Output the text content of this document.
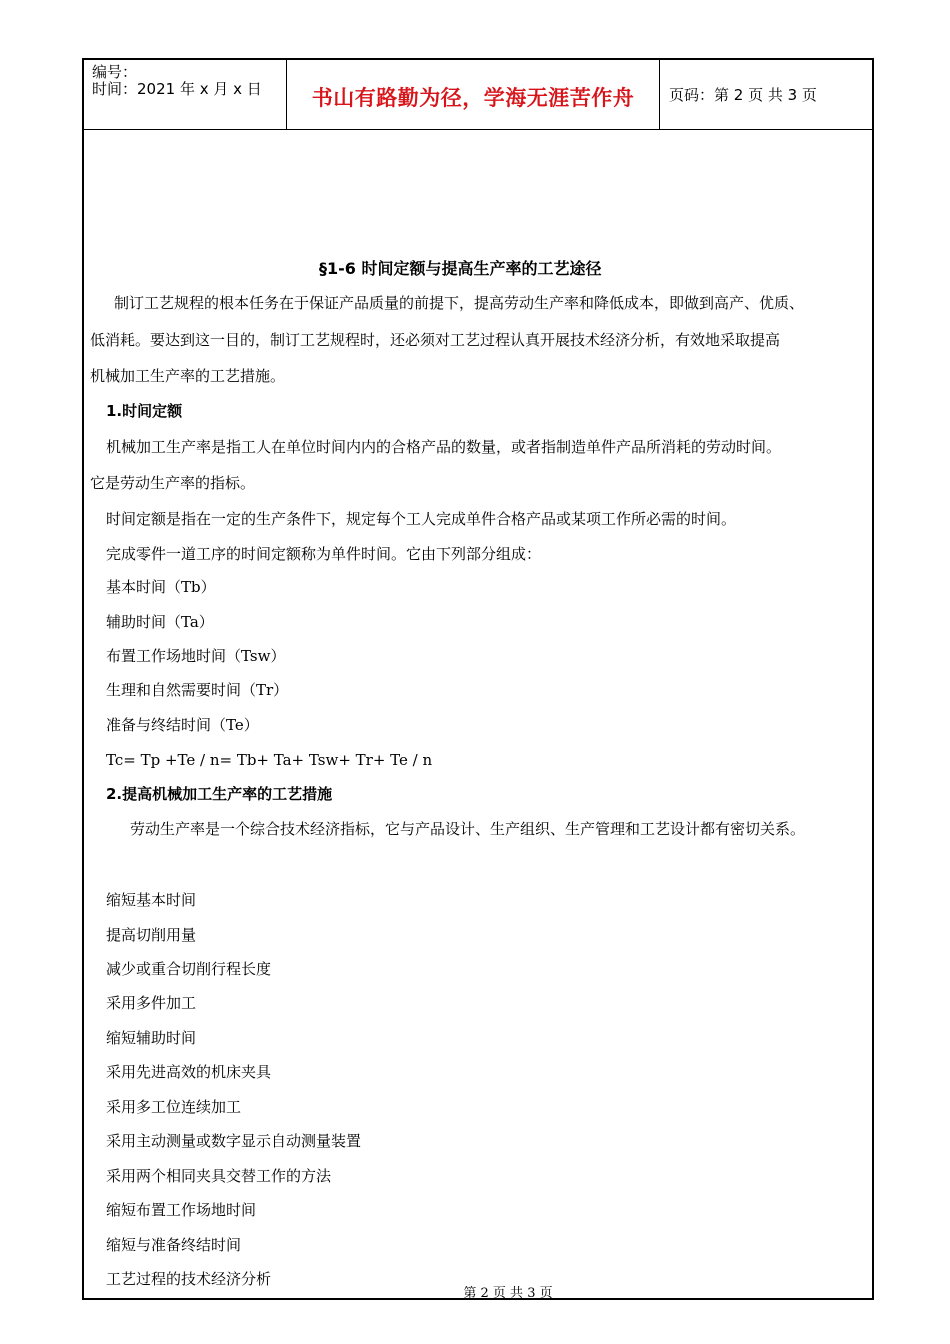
编号：
时间：2021 年 x 月 x 日	书山有路勤为径，学海无涯苦作舟 页码：第 2 页 共 3 页
§1-6 时间定额与提高生产率的工艺途径
制订工艺规程的根本任务在于保证产品质量的前提下，提高劳动生产率和降低成本，即做到高产、优质、
低消耗。要达到这一目的，制订工艺规程时，还必须对工艺过程认真开展技术经济分析，有效地采取提高
机械加工生产率的工艺措施。
1.时间定额
机械加工生产率是指工人在单位时间内内的合格产品的数量，或者指制造单件产品所消耗的劳动时间。
它是劳动生产率的指标。
时间定额是指在一定的生产条件下，规定每个工人完成单件合格产品或某项工作所必需的时间。
完成零件一道工序的时间定额称为单件时间。它由下列部分组成：
基本时间（Tb）
辅助时间（Ta）
布置工作场地时间（Tsw）
生理和自然需要时间（Tr）
准备与终结时间（Te）
Tc= Tp +Te / n= Tb+ Ta+ Tsw+ Tr+ Te / n
2.提高机械加工生产率的工艺措施
劳动生产率是一个综合技术经济指标，它与产品设计、生产组织、生产管理和工艺设计都有密切关系。
缩短基本时间
提高切削用量
减少或重合切削行程长度
采用多件加工
缩短辅助时间
采用先进高效的机床夹具
采用多工位连续加工
采用主动测量或数字显示自动测量装置
采用两个相同夹具交替工作的方法
缩短布置工作场地时间
缩短与准备终结时间
工艺过程的技术经济分析
第 2 页 共 3 页
